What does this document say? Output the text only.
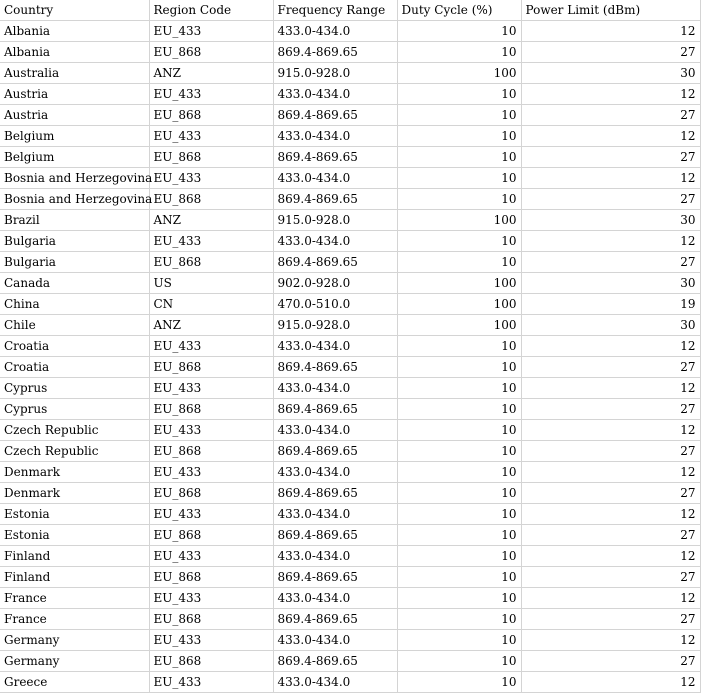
Country	Region Code	Frequency Range	Duty Cycle (%)	Power Limit (dBm)
Albania	EU_433	433.0-434.0	10	12
Albania	EU_868	869.4-869.65	10	27
Australia	ANZ	915.0-928.0	100	30
Austria	EU_433	433.0-434.0	10	12
Austria	EU_868	869.4-869.65	10	27
Belgium	EU_433	433.0-434.0	10	12
Belgium	EU_868	869.4-869.65	10	27
Bosnia and Herzegovina	EU_433	433.0-434.0	10	12
Bosnia and Herzegovina	EU_868	869.4-869.65	10	27
Brazil	ANZ	915.0-928.0	100	30
Bulgaria	EU_433	433.0-434.0	10	12
Bulgaria	EU_868	869.4-869.65	10	27
Canada	US	902.0-928.0	100	30
China	CN	470.0-510.0	100	19
Chile	ANZ	915.0-928.0	100	30
Croatia	EU_433	433.0-434.0	10	12
Croatia	EU_868	869.4-869.65	10	27
Cyprus	EU_433	433.0-434.0	10	12
Cyprus	EU_868	869.4-869.65	10	27
Czech Republic	EU_433	433.0-434.0	10	12
Czech Republic	EU_868	869.4-869.65	10	27
Denmark	EU_433	433.0-434.0	10	12
Denmark	EU_868	869.4-869.65	10	27
Estonia	EU_433	433.0-434.0	10	12
Estonia	EU_868	869.4-869.65	10	27
Finland	EU_433	433.0-434.0	10	12
Finland	EU_868	869.4-869.65	10	27
France	EU_433	433.0-434.0	10	12
France	EU_868	869.4-869.65	10	27
Germany	EU_433	433.0-434.0	10	12
Germany	EU_868	869.4-869.65	10	27
Greece	EU_433	433.0-434.0	10	12
